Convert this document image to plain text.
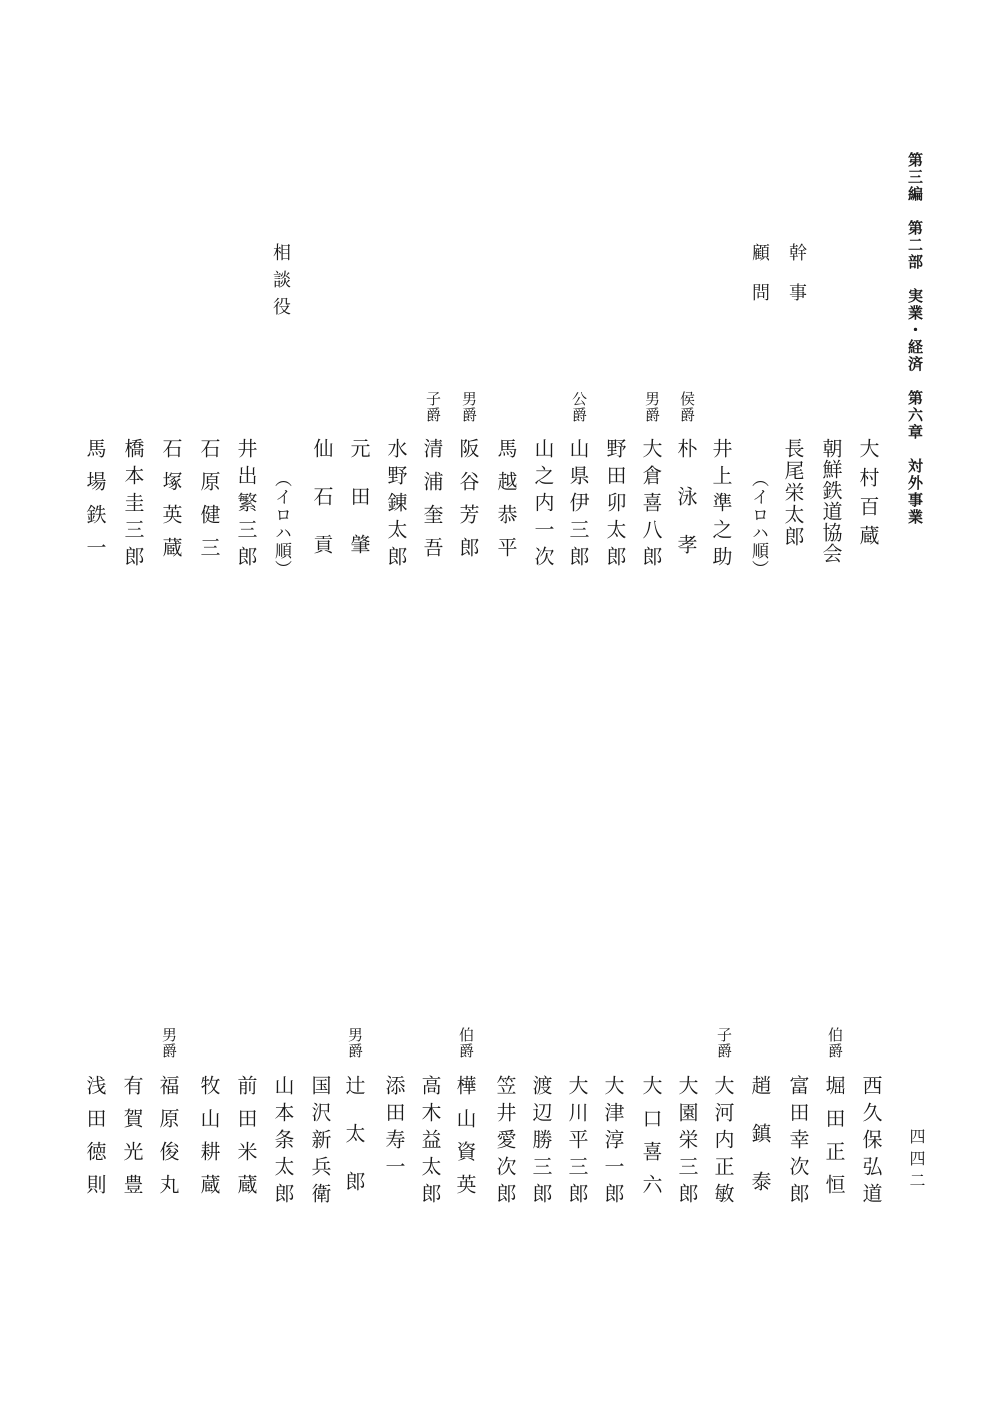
第三編　第二部　実業・経済　第六章　対外事業
四四二
大村百蔵
朝鮮鉄道協会
長尾栄太郎
幹事
顧問
相談役
（イロハ順）
（イロハ順）	井上準之助
侯
爵
朴泳孝
男
爵
大倉喜八郎
野田卯太郎
公
爵
山県伊三郎
山之内一次
馬越恭平
男
爵
阪谷芳郎
子
爵
清浦奎吾
水野錬太郎
元田肇
仙石貢
井出繁三郎
石原健三
石塚英蔵
橋本圭三郎
馬場鉄一
西久保弘道
伯
爵
堀田正恒
富田幸次郎
趙鎮泰
子
爵
大河内正敏
大園栄三郎
大口喜六
大津淳一郎
大川平三郎
渡辺勝三郎
笠井愛次郎
伯
爵
樺山資英
高木益太郎
添田寿一
男
爵
辻太郎
国沢新兵衛
山本条太郎
前田米蔵
牧山耕蔵
男
爵
福原俊丸
有賀光豊
浅田徳則
